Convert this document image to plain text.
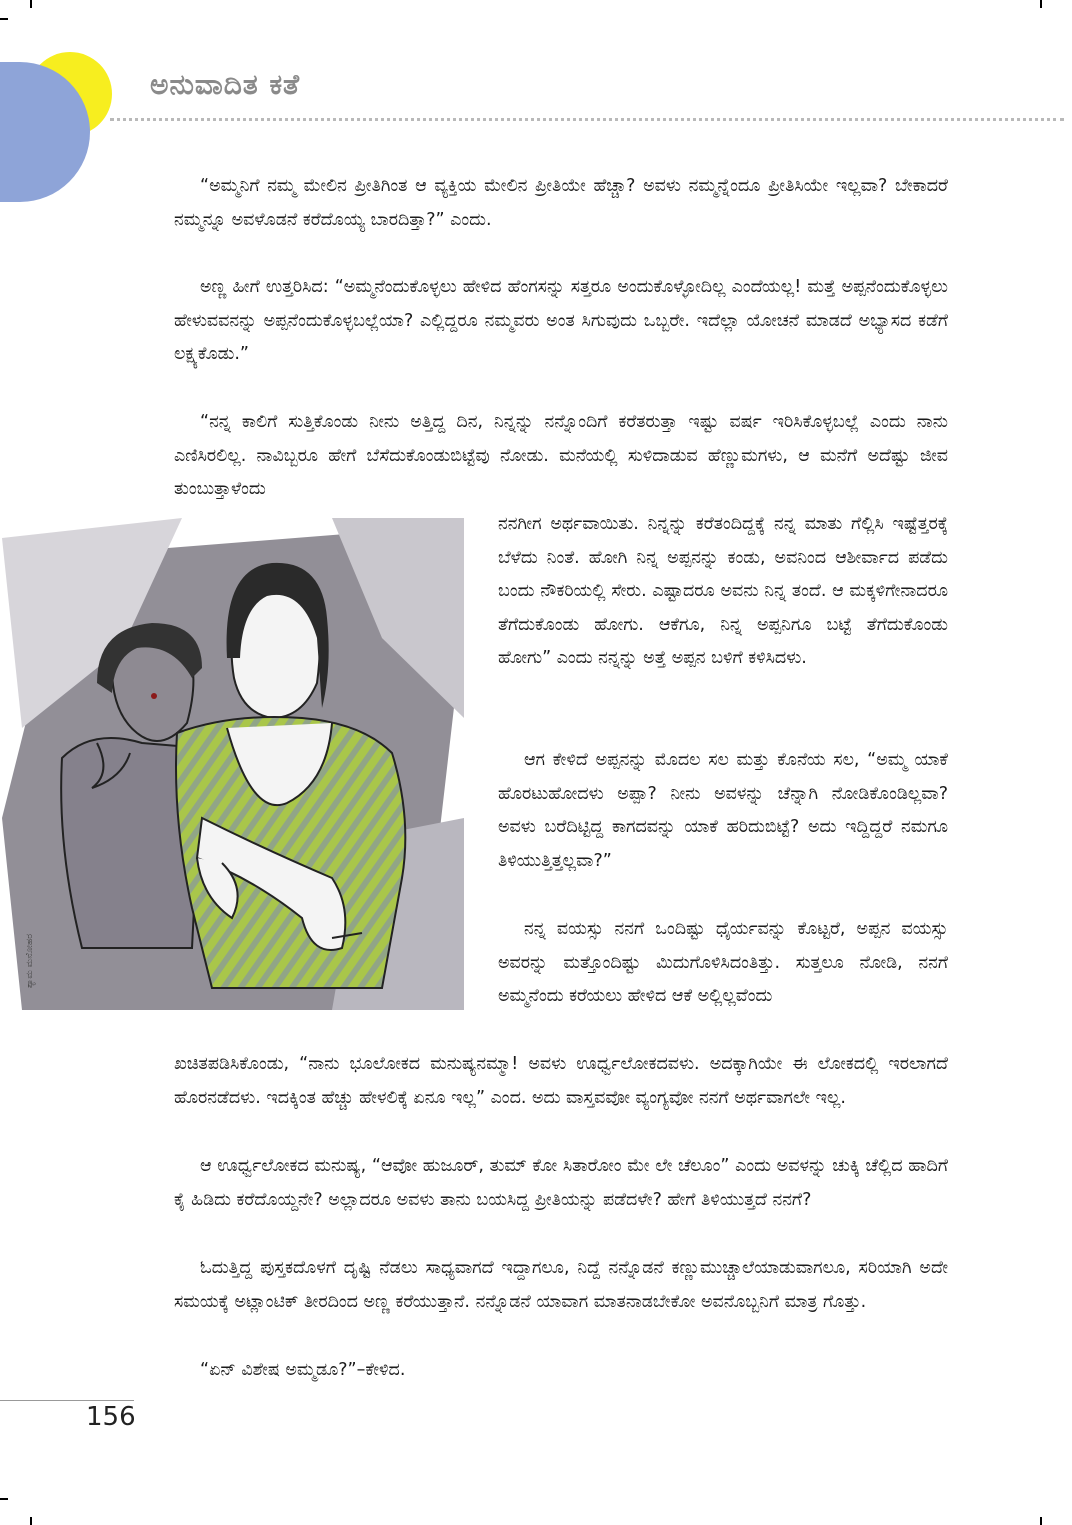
ಅನುವಾದಿತ ಕತೆ

“ಅಮ್ಮನಿಗೆ ನಮ್ಮ ಮೇಲಿನ ಪ್ರೀತಿಗಿಂತ ಆ ವ್ಯಕ್ತಿಯ ಮೇಲಿನ ಪ್ರೀತಿಯೇ ಹೆಚ್ಚಾ? ಅವಳು ನಮ್ಮನ್ನೆಂದೂ ಪ್ರೀತಿಸಿಯೇ ಇಲ್ಲವಾ? ಬೇಕಾದರೆ ನಮ್ಮನ್ನೂ ಅವಳೊಡನೆ ಕರೆದೊಯ್ಯ ಬಾರದಿತ್ತಾ?” ಎಂದು.

ಅಣ್ಣ ಹೀಗೆ ಉತ್ತರಿಸಿದ: “ಅಮ್ಮನೆಂದುಕೊಳ್ಳಲು ಹೇಳಿದ ಹೆಂಗಸನ್ನು ಸತ್ತರೂ ಅಂದುಕೊಳ್ಳೋದಿಲ್ಲ ಎಂದೆಯಲ್ಲ! ಮತ್ತೆ ಅಪ್ಪನೆಂದುಕೊಳ್ಳಲು ಹೇಳುವವನನ್ನು ಅಪ್ಪನೆಂದುಕೊಳ್ಳಬಲ್ಲೆಯಾ? ಎಲ್ಲಿದ್ದರೂ ನಮ್ಮವರು ಅಂತ ಸಿಗುವುದು ಒಬ್ಬರೇ. ಇದೆಲ್ಲಾ ಯೋಚನೆ ಮಾಡದೆ ಅಭ್ಯಾಸದ ಕಡೆಗೆ ಲಕ್ಷ್ಯಕೊಡು.”

“ನನ್ನ ಕಾಲಿಗೆ ಸುತ್ತಿಕೊಂಡು ನೀನು ಅತ್ತಿದ್ದ ದಿನ, ನಿನ್ನನ್ನು ನನ್ನೊಂದಿಗೆ ಕರೆತರುತ್ತಾ ಇಷ್ಟು ವರ್ಷ ಇರಿಸಿಕೊಳ್ಳಬಲ್ಲೆ ಎಂದು ನಾನು ಎಣಿಸಿರಲಿಲ್ಲ. ನಾವಿಬ್ಬರೂ ಹೇಗೆ ಬೆಸೆದುಕೊಂಡುಬಿಟ್ಟೆವು ನೋಡು. ಮನೆಯಲ್ಲಿ ಸುಳಿದಾಡುವ ಹೆಣ್ಣುಮಗಳು, ಆ ಮನೆಗೆ ಅದೆಷ್ಟು ಜೀವ ತುಂಬುತ್ತಾಳೆಂದು

ನನಗೀಗ ಅರ್ಥವಾಯಿತು. ನಿನ್ನನ್ನು ಕರೆತಂದಿದ್ದಕ್ಕೆ ನನ್ನ ಮಾತು ಗೆಲ್ಲಿಸಿ ಇಷ್ಟೆತ್ತರಕ್ಕೆ ಬೆಳೆದು ನಿಂತೆ. ಹೋಗಿ ನಿನ್ನ ಅಪ್ಪನನ್ನು ಕಂಡು, ಅವನಿಂದ ಆಶೀರ್ವಾದ ಪಡೆದು ಬಂದು ನೌಕರಿಯಲ್ಲಿ ಸೇರು. ಎಷ್ಟಾದರೂ ಅವನು ನಿನ್ನ ತಂದೆ. ಆ ಮಕ್ಕಳಿಗೇನಾದರೂ ತೆಗೆದುಕೊಂಡು ಹೋಗು. ಆಕೆಗೂ, ನಿನ್ನ ಅಪ್ಪನಿಗೂ ಬಟ್ಟೆ ತೆಗೆದುಕೊಂಡು ಹೋಗು” ಎಂದು ನನ್ನನ್ನು ಅತ್ತೆ ಅಪ್ಪನ ಬಳಿಗೆ ಕಳಿಸಿದಳು.

ಆಗ ಕೇಳಿದೆ ಅಪ್ಪನನ್ನು ಮೊದಲ ಸಲ ಮತ್ತು ಕೊನೆಯ ಸಲ, “ಅಮ್ಮ ಯಾಕೆ ಹೊರಟುಹೋದಳು ಅಪ್ಪಾ? ನೀನು ಅವಳನ್ನು ಚೆನ್ನಾಗಿ ನೋಡಿಕೊಂಡಿಲ್ಲವಾ? ಅವಳು ಬರೆದಿಟ್ಟಿದ್ದ ಕಾಗದವನ್ನು ಯಾಕೆ ಹರಿದುಬಿಟ್ಟೆ? ಅದು ಇದ್ದಿದ್ದರೆ ನಮಗೂ ತಿಳಿಯುತ್ತಿತ್ತಲ್ಲವಾ?”

ನನ್ನ ವಯಸ್ಸು ನನಗೆ ಒಂದಿಷ್ಟು ಧೈರ್ಯವನ್ನು ಕೊಟ್ಟರೆ, ಅಪ್ಪನ ವಯಸ್ಸು ಅವರನ್ನು ಮತ್ತೊಂದಿಷ್ಟು ಮಿದುಗೊಳಿಸಿದಂತಿತ್ತು. ಸುತ್ತಲೂ ನೋಡಿ, ನನಗೆ ಅಮ್ಮನೆಂದು ಕರೆಯಲು ಹೇಳಿದ ಆಕೆ ಅಲ್ಲಿಲ್ಲವೆಂದು

ಖಚಿತಪಡಿಸಿಕೊಂಡು, “ನಾನು ಭೂಲೋಕದ ಮನುಷ್ಯನಮ್ಮಾ! ಅವಳು ಊರ್ಧ್ವಲೋಕದವಳು. ಅದಕ್ಕಾಗಿಯೇ ಈ ಲೋಕದಲ್ಲಿ ಇರಲಾಗದೆ ಹೊರನಡೆದಳು. ಇದಕ್ಕಿಂತ ಹೆಚ್ಚು ಹೇಳಲಿಕ್ಕೆ ಏನೂ ಇಲ್ಲ” ಎಂದ. ಅದು ವಾಸ್ತವವೋ ವ್ಯಂಗ್ಯವೋ ನನಗೆ ಅರ್ಥವಾಗಲೇ ಇಲ್ಲ.

ಆ ಊರ್ಧ್ವಲೋಕದ ಮನುಷ್ಯ, “ಆವೋ ಹುಜೂರ್, ತುಮ್ ಕೋ ಸಿತಾರೋಂ ಮೇ ಲೇ ಚೆಲೂಂ” ಎಂದು ಅವಳನ್ನು ಚುಕ್ಕಿ ಚೆಲ್ಲಿದ ಹಾದಿಗೆ ಕೈ ಹಿಡಿದು ಕರೆದೊಯ್ದನೇ? ಅಲ್ಲಾದರೂ ಅವಳು ತಾನು ಬಯಸಿದ್ದ ಪ್ರೀತಿಯನ್ನು ಪಡೆದಳೇ? ಹೇಗೆ ತಿಳಿಯುತ್ತದೆ ನನಗೆ?

ಓದುತ್ತಿದ್ದ ಪುಸ್ತಕದೊಳಗೆ ದೃಷ್ಟಿ ನೆಡಲು ಸಾಧ್ಯವಾಗದೆ ಇದ್ದಾಗಲೂ, ನಿದ್ದೆ ನನ್ನೊಡನೆ ಕಣ್ಣುಮುಚ್ಚಾಲೆಯಾಡುವಾಗಲೂ, ಸರಿಯಾಗಿ ಅದೇ ಸಮಯಕ್ಕೆ ಅಟ್ಲಾಂಟಿಕ್ ತೀರದಿಂದ ಅಣ್ಣ ಕರೆಯುತ್ತಾನೆ. ನನ್ನೊಡನೆ ಯಾವಾಗ ಮಾತನಾಡಬೇಕೋ ಅವನೊಬ್ಬನಿಗೆ ಮಾತ್ರ ಗೊತ್ತು.

“ಏನ್ ವಿಶೇಷ ಅಮ್ಮಡೂ?”–ಕೇಳಿದ.

ಶ್ಯಾಮ ಮನೋಹರ
156
